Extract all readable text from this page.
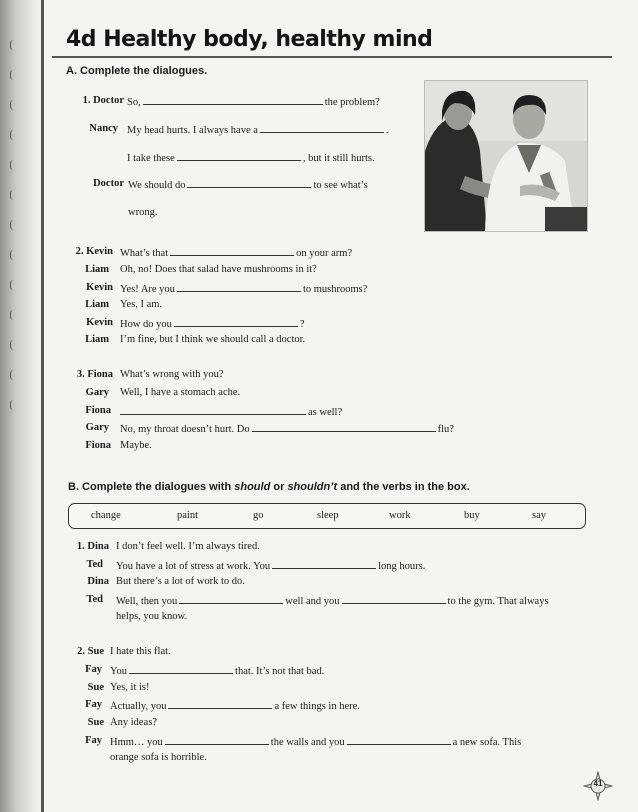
4d Healthy body, healthy mind
A. Complete the dialogues.
1. Doctor So,	the problem?
Nancy My head hurts. I always have a	.
I take these	, but it still hurts.
Doctor We should do	to see what’s
wrong.
2. Kevin What’s that	on your arm?
Liam Oh, no! Does that salad have mushrooms in it?
Kevin Yes! Are you	to mushrooms?
Liam Yes, I am.
Kevin How do you	?
Liam I’m fine, but I think we should call a doctor.
3. Fiona What’s wrong with you?
Gary Well, I have a stomach ache.
Fiona	as well?
Gary No, my throat doesn’t hurt. Do	flu?
Fiona Maybe.
B. Complete the dialogues with should or shouldn’t and the verbs in the box.
change	paint	go	sleep	work	buy	say
1. Dina I don’t feel well. I’m always tired.
Ted You have a lot of stress at work. You	long hours.
Dina But there’s a lot of work to do.
Ted Well, then you	well and you	to the gym. That always
helps, you know.
2. Sue I hate this flat.
Fay You	that. It’s not that bad.
Sue Yes, it is!
Fay Actually, you	a few things in here.
Sue Any ideas?
Fay Hmm… you	the walls and you	a new sofa. This
orange sofa is horrible.
41
